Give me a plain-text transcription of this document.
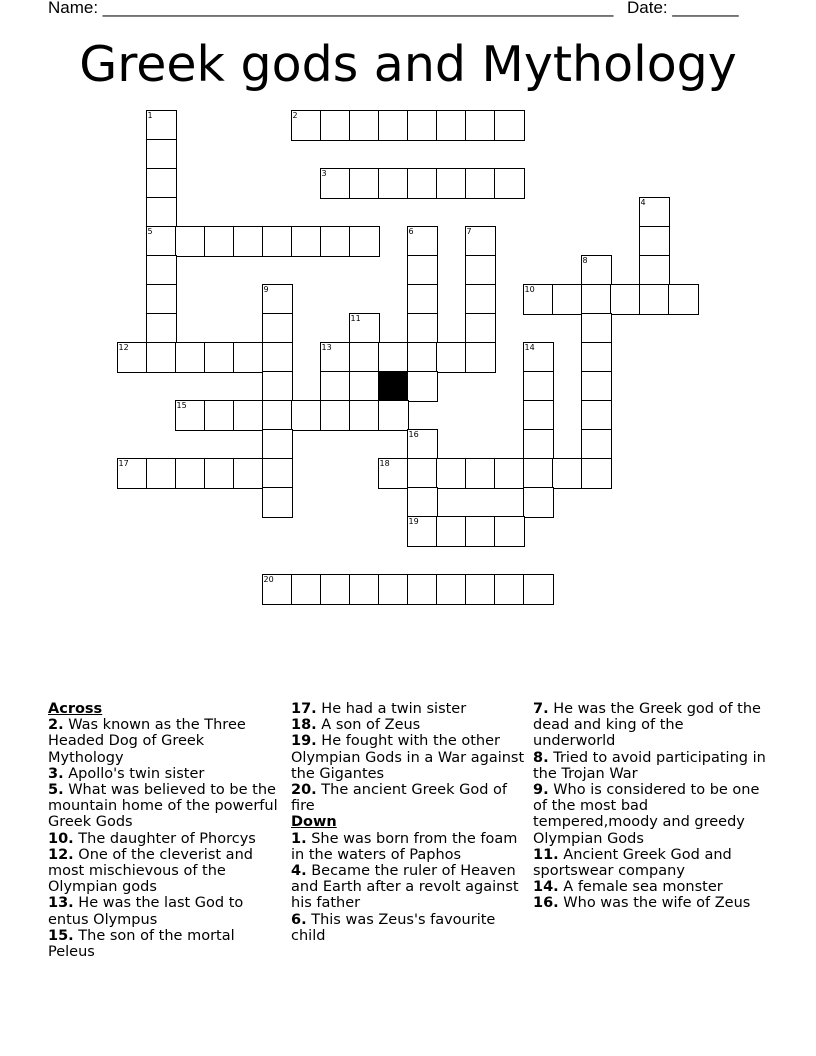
Name: ______________________________________________________ Date: _______
Greek gods and Mythology
1	2
3
4
5	6	7
8
9	10
11
12	13	14
15
16
17	18
19
20
Across
2. Was known as the Three Headed Dog of Greek Mythology
3. Apollo's twin sister
5. What was believed to be the mountain home of the powerful Greek Gods
10. The daughter of Phorcys
12. One of the cleverist and most mischievous of the Olympian gods
13. He was the last God to entus Olympus
15. The son of the mortal Peleus
17. He had a twin sister
18. A son of Zeus
19. He fought with the other Olympian Gods in a War against the Gigantes
20. The ancient Greek God of fire
Down
1. She was born from the foam in the waters of Paphos
4. Became the ruler of Heaven and Earth after a revolt against his father
6. This was Zeus's favourite child
7. He was the Greek god of the dead and king of the underworld
8. Tried to avoid participating in the Trojan War
9. Who is considered to be one of the most bad tempered,moody and greedy Olympian Gods
11. Ancient Greek God and sportswear company
14. A female sea monster
16. Who was the wife of Zeus
